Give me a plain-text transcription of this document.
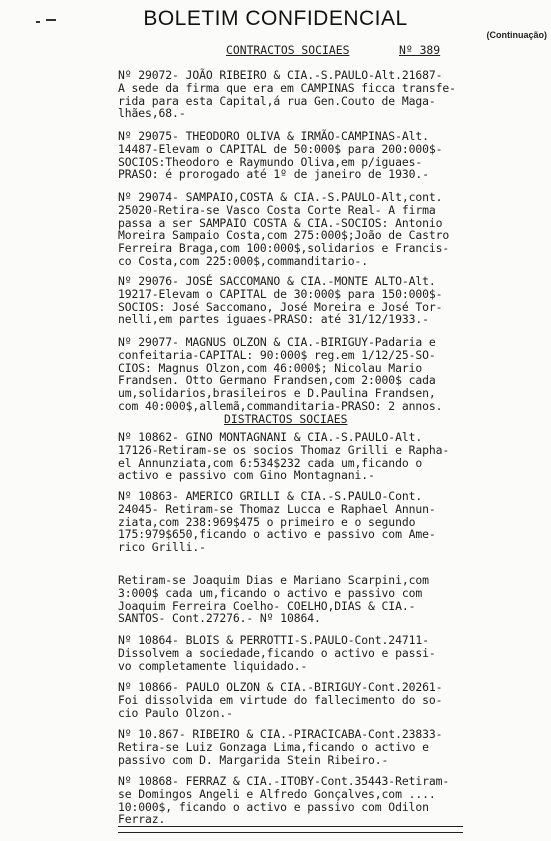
BOLETIM CONFIDENCIAL
(Continuação)
CONTRACTOS SOCIAES	Nº 389
Nº 29072- JOÃO RIBEIRO & CIA.-S.PAULO-Alt.21687-
A sede da firma que era em CAMPINAS ficca transfe-
rida para esta Capital,á rua Gen.Couto de Maga-
lhães,68.-
Nº 29075- THEODORO OLIVA & IRMÃO-CAMPINAS-Alt.
14487-Elevam o CAPITAL de 50:000$ para 200:000$-
SOCIOS:Theodoro e Raymundo Oliva,em p/iguaes-
PRASO: é prorogado até 1º de janeiro de 1930.-
Nº 29074- SAMPAIO,COSTA & CIA.-S.PAULO-Alt,cont.
25020-Retira-se Vasco Costa Corte Real- A firma
passa a ser SAMPAIO COSTA & CIA.-SOCIOS: Antonio
Moreira Sampaio Costa,com 275:000$;João de Castro
Ferreira Braga,com 100:000$,solidarios e Francis-
co Costa,com 225:000$,commanditario-.
Nº 29076- JOSÉ SACCOMANO & CIA.-MONTE ALTO-Alt.
19217-Elevam o CAPITAL de 30:000$ para 150:000$-
SOCIOS: José Saccomano, José Moreira e José Tor-
nelli,em partes iguaes-PRASO: até 31/12/1933.-
Nº 29077- MAGNUS OLZON & CIA.-BIRIGUY-Padaria e
confeitaria-CAPITAL: 90:000$ reg.em 1/12/25-SO-
CIOS: Magnus Olzon,com 46:000$; Nicolau Mario
Frandsen. Otto Germano Frandsen,com 2:000$ cada
um,solidarios,brasileiros e D.Paulina Frandsen,
com 40:000$,allemã,commanditaria-PRASO: 2 annos.
DISTRACTOS SOCIAES
Nº 10862- GINO MONTAGNANI & CIA.-S.PAULO-Alt.
17126-Retiram-se os socios Thomaz Grilli e Rapha-
el Annunziata,com 6:534$232 cada um,ficando o
activo e passivo com Gino Montagnani.-
Nº 10863- AMERICO GRILLI & CIA.-S.PAULO-Cont.
24045- Retiram-se Thomaz Lucca e Raphael Annun-
ziata,com 238:969$475 o primeiro e o segundo
175:979$650,ficando o activo e passivo com Ame-
rico Grilli.-
Retiram-se Joaquim Dias e Mariano Scarpini,com
3:000$ cada um,ficando o activo e passivo com
Joaquim Ferreira Coelho- COELHO,DIAS & CIA.-
SANTOS- Cont.27276.- Nº 10864.
Nº 10864- BLOIS & PERROTTI-S.PAULO-Cont.24711-
Dissolvem a sociedade,ficando o activo e passi-
vo completamente liquidado.-
Nº 10866- PAULO OLZON & CIA.-BIRIGUY-Cont.20261-
Foi dissolvida em virtude do fallecimento do so-
cio Paulo Olzon.-
Nº 10.867- RIBEIRO & CIA.-PIRACICABA-Cont.23833-
Retira-se Luiz Gonzaga Lima,ficando o activo e
passivo com D. Margarida Stein Ribeiro.-
Nº 10868- FERRAZ & CIA.-ITOBY-Cont.35443-Retiram-
se Domingos Angeli e Alfredo Gonçalves,com ....
10:000$, ficando o activo e passivo com Odilon
Ferraz.
